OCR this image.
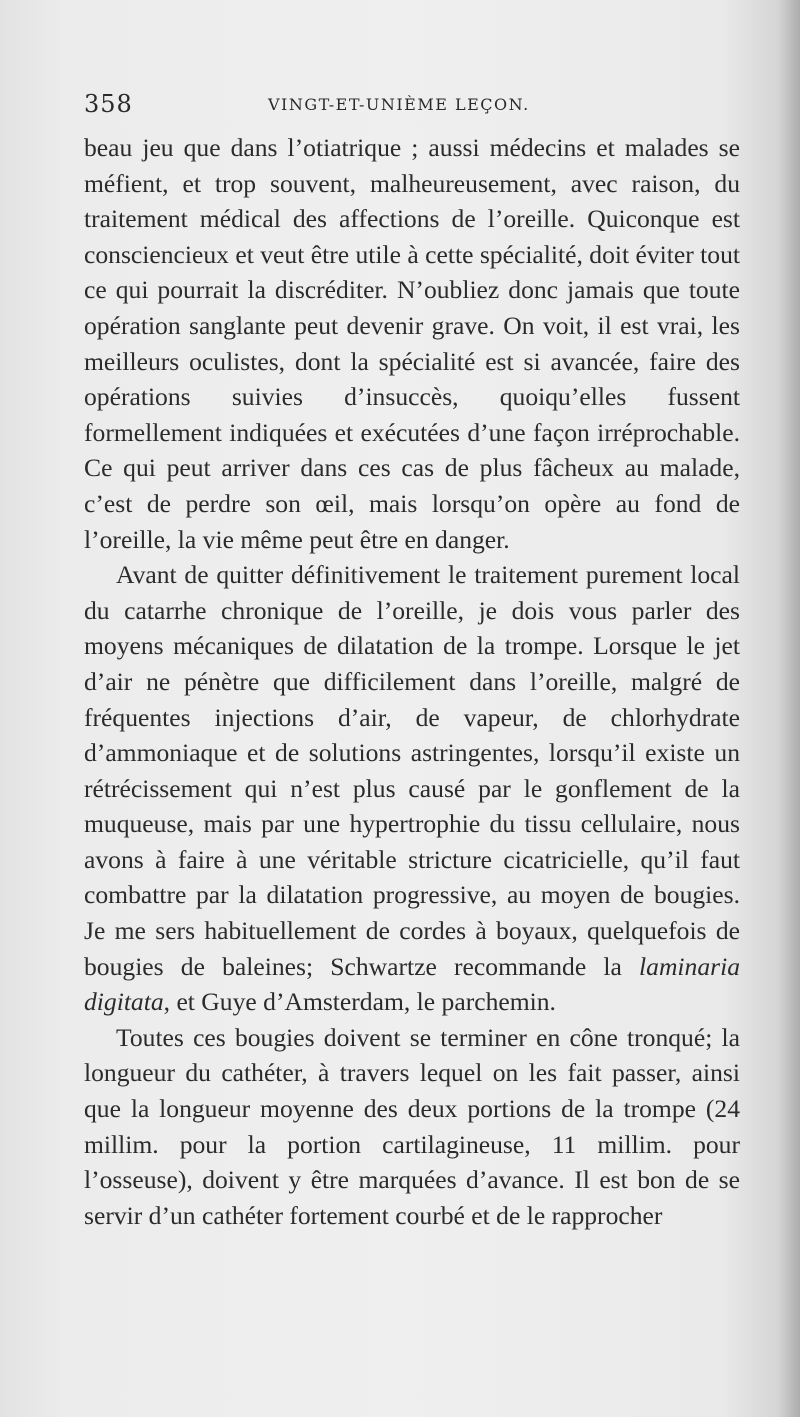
358	VINGT-ET-UNIÈME LEÇON.

beau jeu que dans l’otiatrique ; aussi médecins et malades se méfient, et trop souvent, malheureusement, avec raison, du traitement médical des affections de l’oreille. Quiconque est consciencieux et veut être utile à cette spécialité, doit éviter tout ce qui pourrait la discréditer. N’oubliez donc jamais que toute opération sanglante peut devenir grave. On voit, il est vrai, les meilleurs oculistes, dont la spécialité est si avancée, faire des opérations suivies d’insuccès, quoiqu’elles fussent formellement indiquées et exécutées d’une façon irréprochable. Ce qui peut arriver dans ces cas de plus fâcheux au malade, c’est de perdre son œil, mais lorsqu’on opère au fond de l’oreille, la vie même peut être en danger.

Avant de quitter définitivement le traitement purement local du catarrhe chronique de l’oreille, je dois vous parler des moyens mécaniques de dilatation de la trompe. Lorsque le jet d’air ne pénètre que difficilement dans l’oreille, malgré de fréquentes injections d’air, de vapeur, de chlorhydrate d’ammoniaque et de solutions astringentes, lorsqu’il existe un rétrécissement qui n’est plus causé par le gonflement de la muqueuse, mais par une hypertrophie du tissu cellulaire, nous avons à faire à une véritable stricture cicatricielle, qu’il faut combattre par la dilatation progressive, au moyen de bougies. Je me sers habituellement de cordes à boyaux, quelquefois de bougies de baleines; Schwartze recommande la laminaria digitata, et Guye d’Amsterdam, le parchemin.

Toutes ces bougies doivent se terminer en cône tronqué; la longueur du cathéter, à travers lequel on les fait passer, ainsi que la longueur moyenne des deux portions de la trompe (24 millim. pour la portion cartilagineuse, 11 millim. pour l’osseuse), doivent y être marquées d’avance. Il est bon de se servir d’un cathéter fortement courbé et de le rapprocher
